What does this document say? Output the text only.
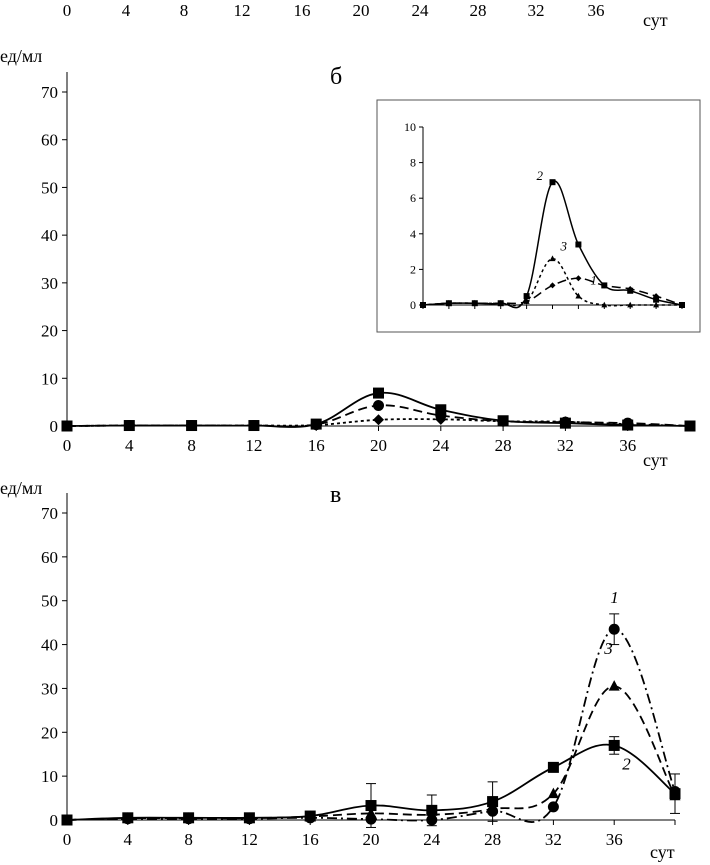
0	4	8	12	16 20 24 28 32	36 сут
ед/мл
б
сут
0
10
20
30
40
50
60
70
0	4	8	12	16	20	24	28	32	36
0
2
4
6
8
10
2
3
1
ед/мл	в
сут
0
10
20
30
40
50
60
70
0	4	8	12	16	20	24	28	32	36
1
3
2
